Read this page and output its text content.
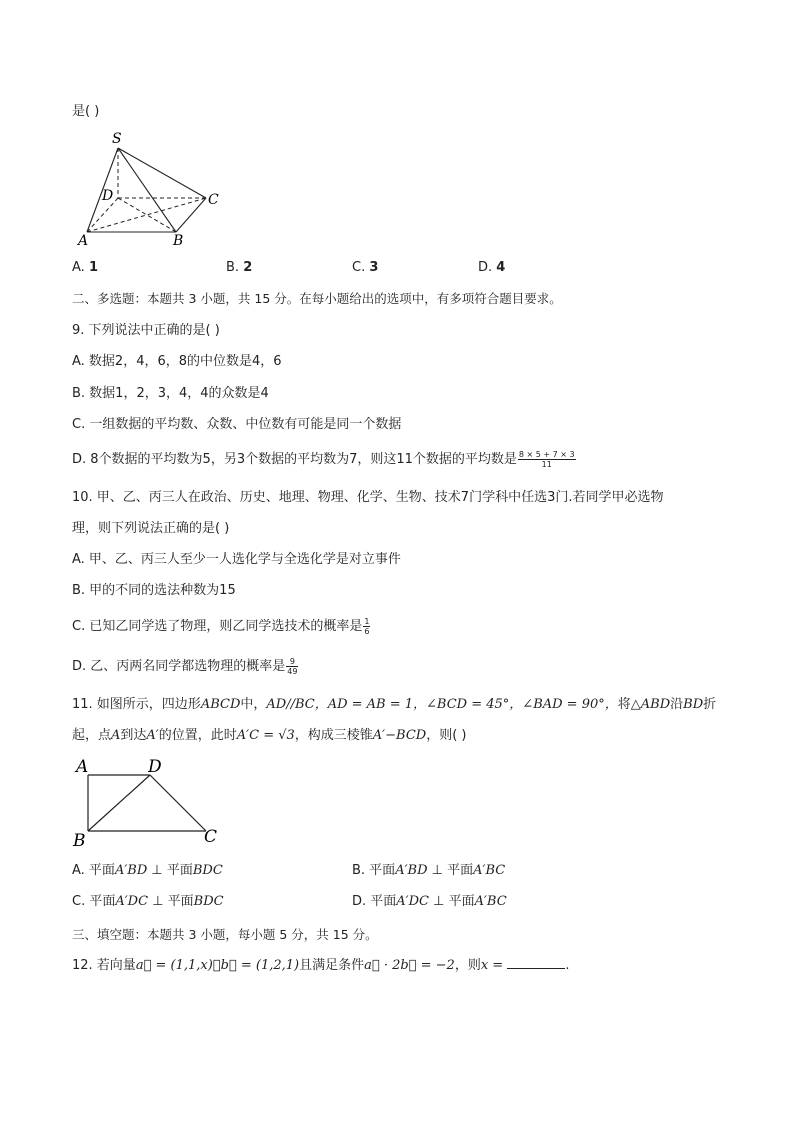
是( )
S
D	C
A	B
A. 1	B. 2	C. 3	D. 4
二、多选题：本题共 3 小题，共 15 分。在每小题给出的选项中，有多项符合题目要求。
9. 下列说法中正确的是( )
A. 数据2，4，6，8的中位数是4，6
B. 数据1，2，3，4，4的众数是4
C. 一组数据的平均数、众数、中位数有可能是同一个数据
D. 8个数据的平均数为5，另3个数据的平均数为7，则这11个数据的平均数是 $\frac{8 \times 5 + 7 \times 3}{11}$
10. 甲、乙、丙三人在政治、历史、地理、物理、化学、生物、技术7门学科中任选3门.若同学甲必选物
理，则下列说法正确的是( )
A. 甲、乙、丙三人至少一人选化学与全选化学是对立事件
B. 甲的不同的选法种数为15
C. 已知乙同学选了物理，则乙同学选技术的概率是 $\frac{1}{6}$
D. 乙、丙两名同学都选物理的概率是 $\frac{9}{49}$
11. 如图所示，四边形ABCD中，AD//BC，AD = AB = 1，∠BCD = 45°，∠BAD = 90°，将△ABD沿BD折
起，点A到达A′的位置，此时A′C = √3，构成三棱锥A′−BCD，则( )
A	D
B	C
A. 平面A′BD ⊥ 平面BDC	B. 平面A′BD ⊥ 平面A′BC
C. 平面A′DC ⊥ 平面BDC	D. 平面A′DC ⊥ 平面A′BC
三、填空题：本题共 3 小题，每小题 5 分，共 15 分。
12. 若向量a⃗ = (1,1,x)，b⃗ = (1,2,1)且满足条件a⃗ · 2b⃗ = −2，则x =	.
